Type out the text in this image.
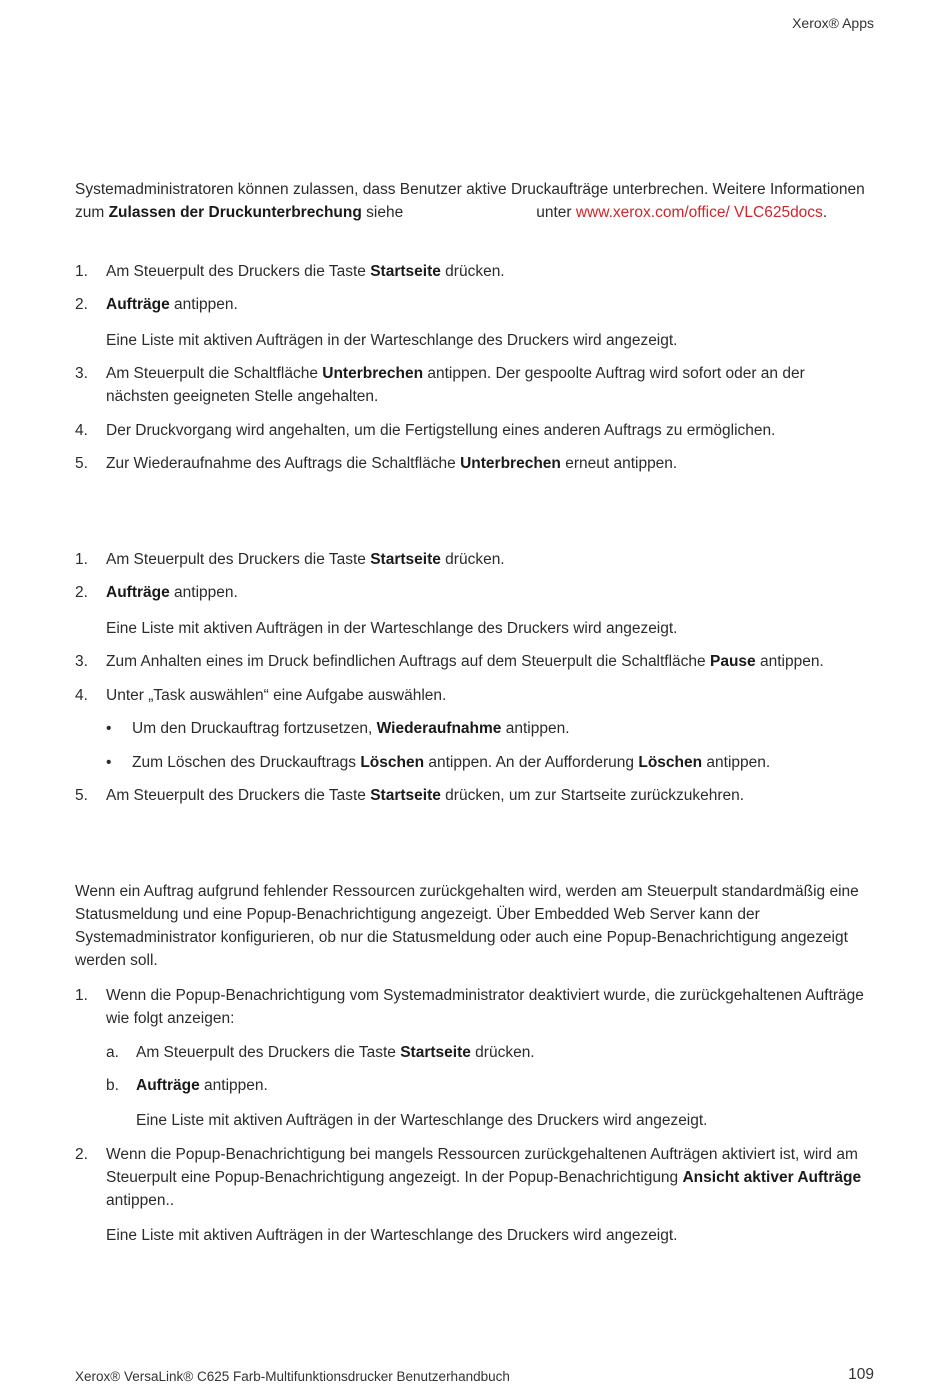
Xerox® Apps

Systemadministratoren können zulassen, dass Benutzer aktive Druckaufträge unterbrechen. Weitere Informationen zum Zulassen der Druckunterbrechung siehe	unter www.xerox.com/office/ VLC625docs.

1. Am Steuerpult des Druckers die Taste Startseite drücken.

2. Aufträge antippen.

Eine Liste mit aktiven Aufträgen in der Warteschlange des Druckers wird angezeigt.

3. Am Steuerpult die Schaltfläche Unterbrechen antippen. Der gespoolte Auftrag wird sofort oder an der nächsten geeigneten Stelle angehalten.

4. Der Druckvorgang wird angehalten, um die Fertigstellung eines anderen Auftrags zu ermöglichen.

5. Zur Wiederaufnahme des Auftrags die Schaltfläche Unterbrechen erneut antippen.

1. Am Steuerpult des Druckers die Taste Startseite drücken.

2. Aufträge antippen.

Eine Liste mit aktiven Aufträgen in der Warteschlange des Druckers wird angezeigt.

3. Zum Anhalten eines im Druck befindlichen Auftrags auf dem Steuerpult die Schaltfläche Pause antippen.

4. Unter „Task auswählen“ eine Aufgabe auswählen.

• Um den Druckauftrag fortzusetzen, Wiederaufnahme antippen.

• Zum Löschen des Druckauftrags Löschen antippen. An der Aufforderung Löschen antippen.

5. Am Steuerpult des Druckers die Taste Startseite drücken, um zur Startseite zurückzukehren.

Wenn ein Auftrag aufgrund fehlender Ressourcen zurückgehalten wird, werden am Steuerpult standardmäßig eine Statusmeldung und eine Popup-Benachrichtigung angezeigt. Über Embedded Web Server kann der Systemadministrator konfigurieren, ob nur die Statusmeldung oder auch eine Popup-Benachrichtigung angezeigt werden soll.

1. Wenn die Popup-Benachrichtigung vom Systemadministrator deaktiviert wurde, die zurückgehaltenen Aufträge wie folgt anzeigen:

a. Am Steuerpult des Druckers die Taste Startseite drücken.

b. Aufträge antippen.

Eine Liste mit aktiven Aufträgen in der Warteschlange des Druckers wird angezeigt.

2. Wenn die Popup-Benachrichtigung bei mangels Ressourcen zurückgehaltenen Aufträgen aktiviert ist, wird am Steuerpult eine Popup-Benachrichtigung angezeigt. In der Popup-Benachrichtigung Ansicht aktiver Aufträge antippen..

Eine Liste mit aktiven Aufträgen in der Warteschlange des Druckers wird angezeigt.

Xerox® VersaLink® C625 Farb-Multifunktionsdrucker Benutzerhandbuch	109
